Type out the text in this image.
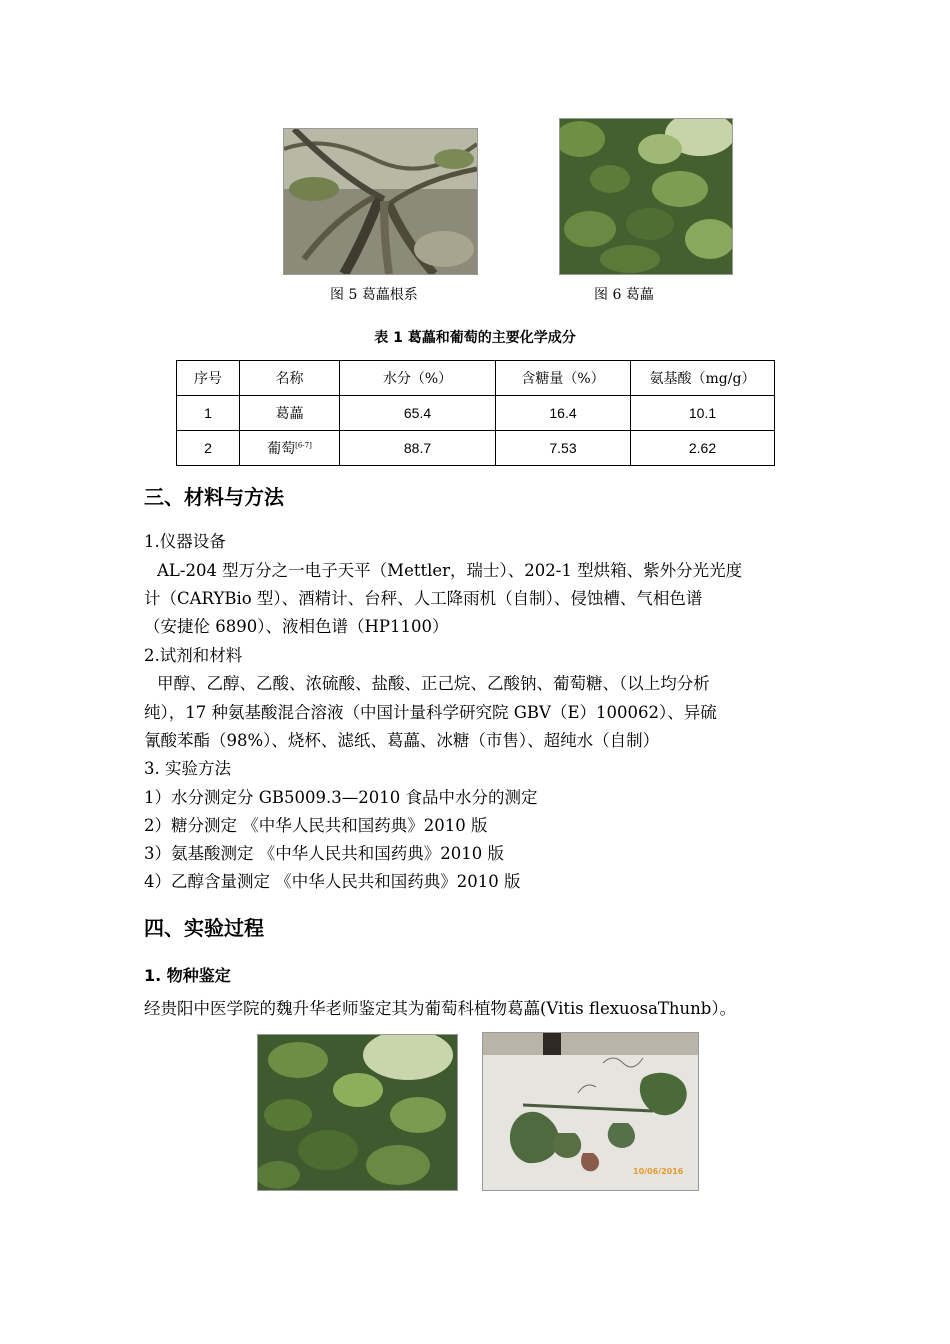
图 5 葛藟根系	图 6 葛藟
表 1 葛藟和葡萄的主要化学成分
序号	名称	水分（%）	含糖量（%）	氨基酸（mg/g）
1	葛藟	65.4	16.4	10.1
2	葡萄[6-7]	88.7	7.53	2.62
三、材料与方法
1.仪器设备
AL-204 型万分之一电子天平（Mettler，瑞士）、202-1 型烘箱、紫外分光光度
计（CARYBio 型）、酒精计、台秤、人工降雨机（自制）、侵蚀槽、气相色谱
（安捷伦 6890）、液相色谱（HP1100）
2.试剂和材料
甲醇、乙醇、乙酸、浓硫酸、盐酸、正己烷、乙酸钠、葡萄糖、（以上均分析
纯），17 种氨基酸混合溶液（中国计量科学研究院 GBV（E）100062）、异硫
氰酸苯酯（98%）、烧杯、滤纸、葛藟、冰糖（市售）、超纯水（自制）
3. 实验方法
1）水分测定分 GB5009.3—2010 食品中水分的测定
2）糖分测定 《中华人民共和国药典》2010 版
3）氨基酸测定 《中华人民共和国药典》2010 版
4）乙醇含量测定 《中华人民共和国药典》2010 版
四、实验过程
1. 物种鉴定
经贵阳中医学院的魏升华老师鉴定其为葡萄科植物葛藟(Vitis flexuosaThunb）。
10/06/2016
